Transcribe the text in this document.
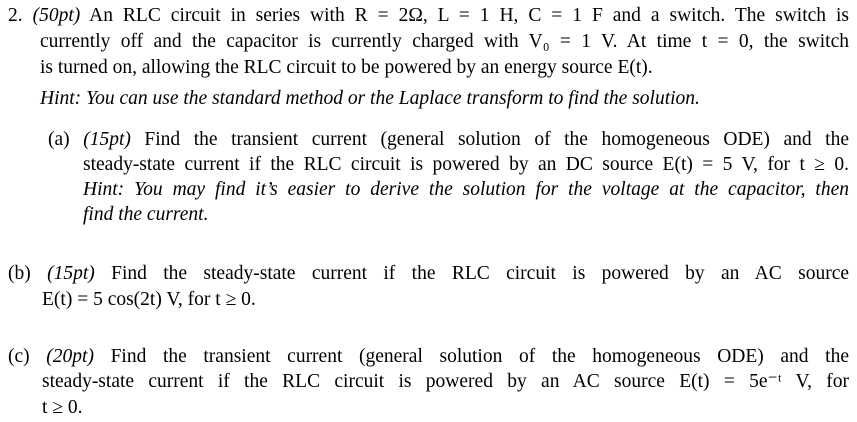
2. (50pt) An RLC circuit in series with R = 2Ω, L = 1 H, C = 1 F and a switch. The switch is
currently off and the capacitor is currently charged with V₀ = 1 V. At time t = 0, the switch
is turned on, allowing the RLC circuit to be powered by an energy source E(t).
Hint: You can use the standard method or the Laplace transform to find the solution.
(a) (15pt) Find the transient current (general solution of the homogeneous ODE) and the
steady-state current if the RLC circuit is powered by an DC source E(t) = 5 V, for t ≥ 0.
Hint: You may find it’s easier to derive the solution for the voltage at the capacitor, then
find the current.
(b) (15pt) Find the steady-state current if the RLC circuit is powered by an AC source
E(t) = 5 cos(2t) V, for t ≥ 0.
(c) (20pt) Find the transient current (general solution of the homogeneous ODE) and the
steady-state current if the RLC circuit is powered by an AC source E(t) = 5e⁻ᵗ V, for
t ≥ 0.
